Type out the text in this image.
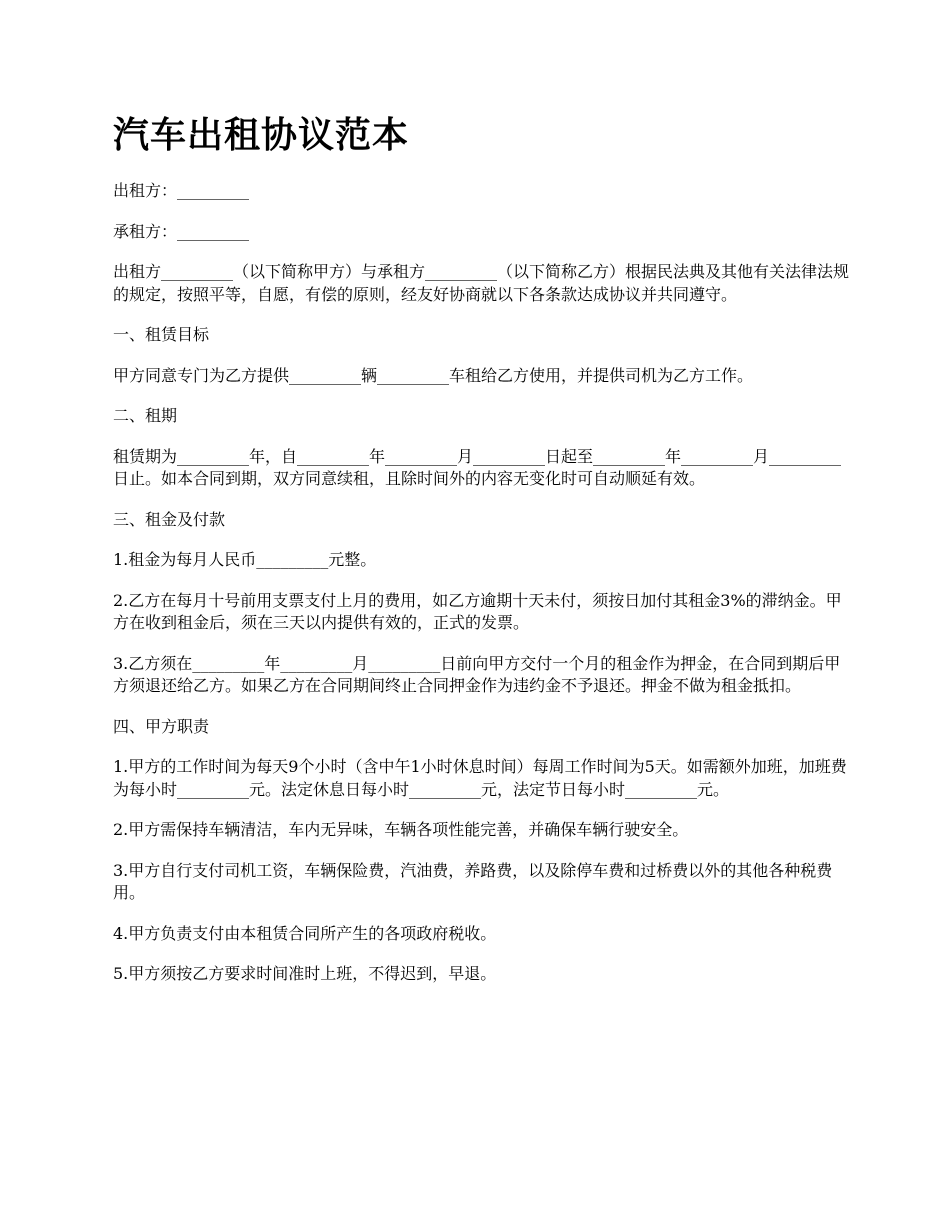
汽车出租协议范本

出租方：_________

承租方：_________

出租方_________（以下简称甲方）与承租方_________（以下简称乙方）根据民法典及其他有关法律法规的规定，按照平等，自愿，有偿的原则，经友好协商就以下各条款达成协议并共同遵守。

一、租赁目标

甲方同意专门为乙方提供_________辆_________车租给乙方使用，并提供司机为乙方工作。

二、租期

租赁期为_________年，自_________年_________月_________日起至_________年_________月_________日止。如本合同到期，双方同意续租，且除时间外的内容无变化时可自动顺延有效。

三、租金及付款

1.租金为每月人民币_________元整。

2.乙方在每月十号前用支票支付上月的费用，如乙方逾期十天未付，须按日加付其租金3%的滞纳金。甲方在收到租金后，须在三天以内提供有效的，正式的发票。

3.乙方须在_________年_________月_________日前向甲方交付一个月的租金作为押金，在合同到期后甲方须退还给乙方。如果乙方在合同期间终止合同押金作为违约金不予退还。押金不做为租金抵扣。

四、甲方职责

1.甲方的工作时间为每天9个小时（含中午1小时休息时间）每周工作时间为5天。如需额外加班，加班费为每小时_________元。法定休息日每小时_________元，法定节日每小时_________元。

2.甲方需保持车辆清洁，车内无异味，车辆各项性能完善，并确保车辆行驶安全。

3.甲方自行支付司机工资，车辆保险费，汽油费，养路费，以及除停车费和过桥费以外的其他各种税费用。

4.甲方负责支付由本租赁合同所产生的各项政府税收。

5.甲方须按乙方要求时间准时上班，不得迟到，早退。
